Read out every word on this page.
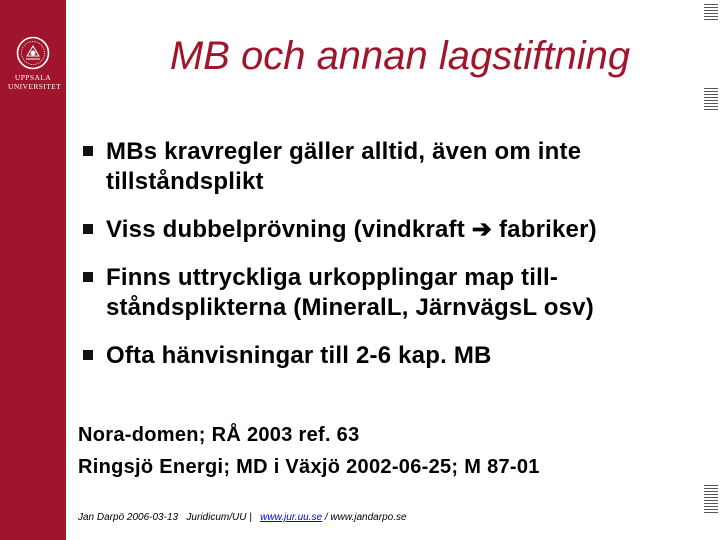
UPPSALA
UNIVERSITET
MB och annan lagstiftning
MBs kravregler gäller alltid, även om inte tillståndsplikt
Viss dubbelprövning (vindkraft ➔ fabriker)
Finns uttryckliga urkopplingar map till-ståndsplikterna (MineralL, JärnvägsL osv)
Ofta hänvisningar till 2-6 kap. MB
Nora-domen; RÅ 2003 ref. 63
Ringsjö Energi; MD i Växjö 2002-06-25; M 87-01
Jan Darpö 2006-03-13 Juridicum/UU | www.jur.uu.se / www.jandarpo.se
